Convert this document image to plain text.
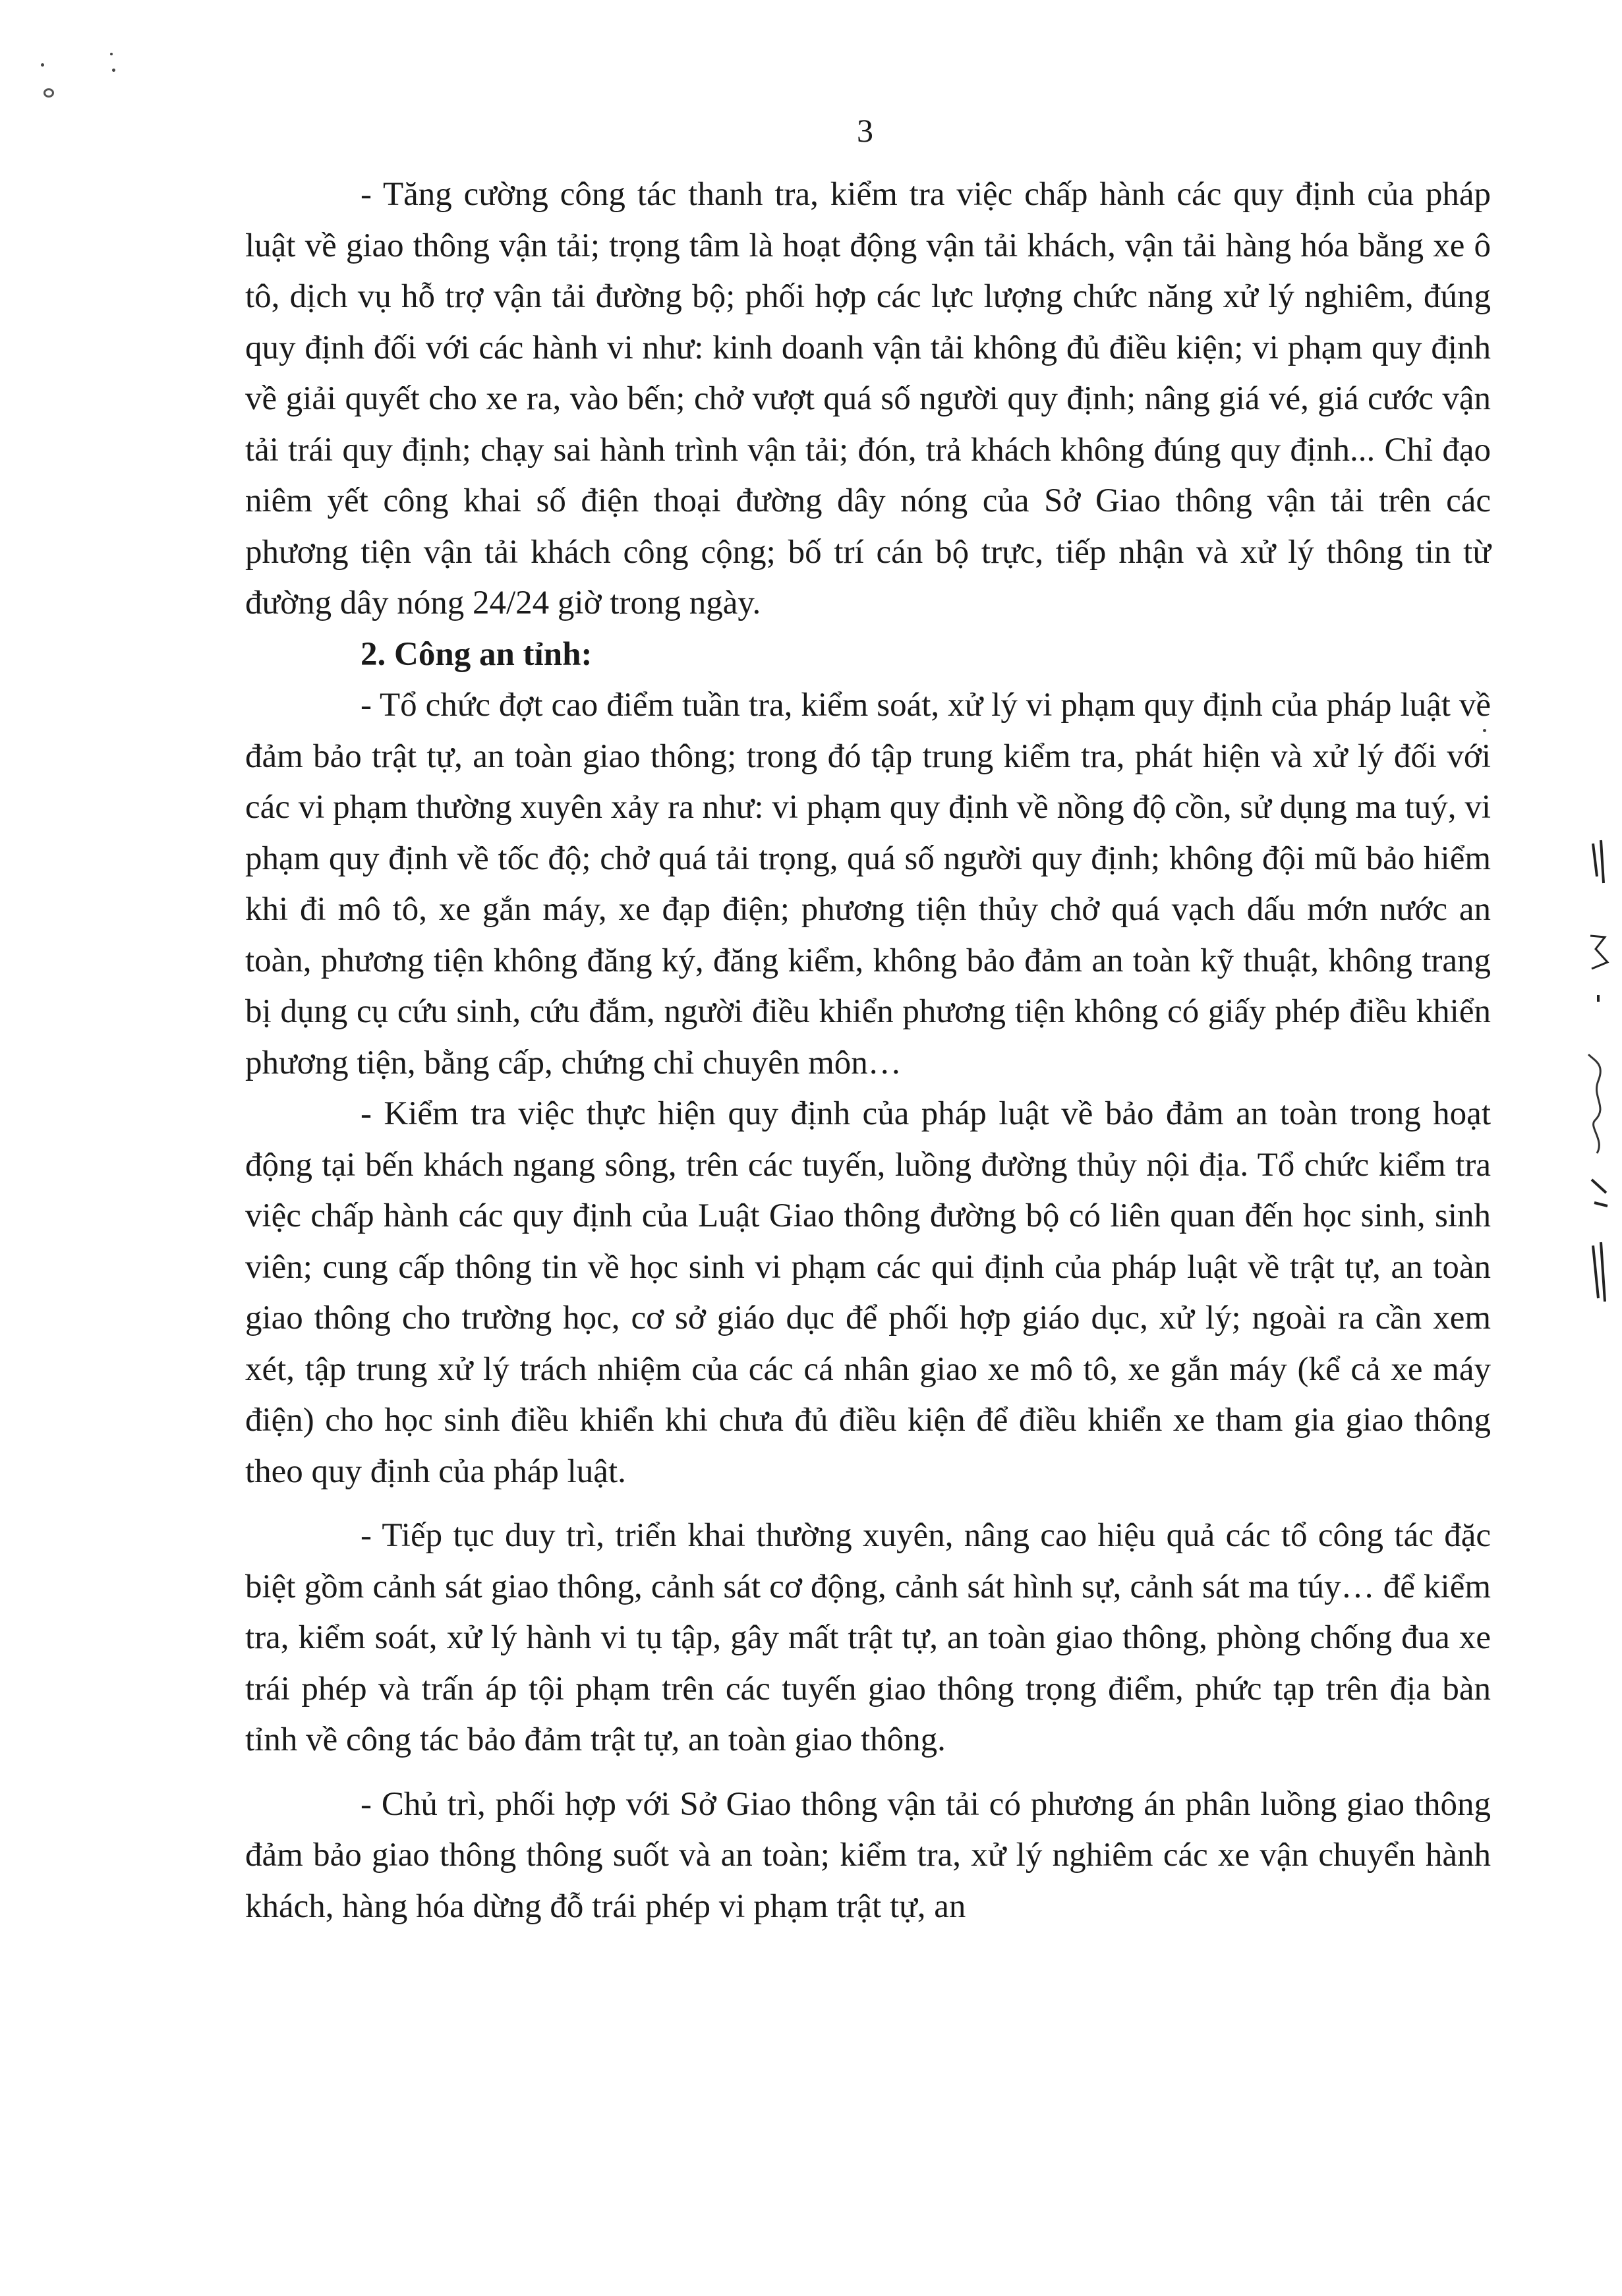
3

- Tăng cường công tác thanh tra, kiểm tra việc chấp hành các quy định của pháp luật về giao thông vận tải; trọng tâm là hoạt động vận tải khách, vận tải hàng hóa bằng xe ô tô, dịch vụ hỗ trợ vận tải đường bộ; phối hợp các lực lượng chức năng xử lý nghiêm, đúng quy định đối với các hành vi như: kinh doanh vận tải không đủ điều kiện; vi phạm quy định về giải quyết cho xe ra, vào bến; chở vượt quá số người quy định; nâng giá vé, giá cước vận tải trái quy định; chạy sai hành trình vận tải; đón, trả khách không đúng quy định... Chỉ đạo niêm yết công khai số điện thoại đường dây nóng của Sở Giao thông vận tải trên các phương tiện vận tải khách công cộng; bố trí cán bộ trực, tiếp nhận và xử lý thông tin từ đường dây nóng 24/24 giờ trong ngày.

2. Công an tỉnh:

- Tổ chức đợt cao điểm tuần tra, kiểm soát, xử lý vi phạm quy định của pháp luật về đảm bảo trật tự, an toàn giao thông; trong đó tập trung kiểm tra, phát hiện và xử lý đối với các vi phạm thường xuyên xảy ra như: vi phạm quy định về nồng độ cồn, sử dụng ma tuý, vi phạm quy định về tốc độ; chở quá tải trọng, quá số người quy định; không đội mũ bảo hiểm khi đi mô tô, xe gắn máy, xe đạp điện; phương tiện thủy chở quá vạch dấu mớn nước an toàn, phương tiện không đăng ký, đăng kiểm, không bảo đảm an toàn kỹ thuật, không trang bị dụng cụ cứu sinh, cứu đắm, người điều khiển phương tiện không có giấy phép điều khiển phương tiện, bằng cấp, chứng chỉ chuyên môn…

- Kiểm tra việc thực hiện quy định của pháp luật về bảo đảm an toàn trong hoạt động tại bến khách ngang sông, trên các tuyến, luồng đường thủy nội địa. Tổ chức kiểm tra việc chấp hành các quy định của Luật Giao thông đường bộ có liên quan đến học sinh, sinh viên; cung cấp thông tin về học sinh vi phạm các qui định của pháp luật về trật tự, an toàn giao thông cho trường học, cơ sở giáo dục để phối hợp giáo dục, xử lý; ngoài ra cần xem xét, tập trung xử lý trách nhiệm của các cá nhân giao xe mô tô, xe gắn máy (kể cả xe máy điện) cho học sinh điều khiển khi chưa đủ điều kiện để điều khiển xe tham gia giao thông theo quy định của pháp luật.

- Tiếp tục duy trì, triển khai thường xuyên, nâng cao hiệu quả các tổ công tác đặc biệt gồm cảnh sát giao thông, cảnh sát cơ động, cảnh sát hình sự, cảnh sát ma túy… để kiểm tra, kiểm soát, xử lý hành vi tụ tập, gây mất trật tự, an toàn giao thông, phòng chống đua xe trái phép và trấn áp tội phạm trên các tuyến giao thông trọng điểm, phức tạp trên địa bàn tỉnh về công tác bảo đảm trật tự, an toàn giao thông.

- Chủ trì, phối hợp với Sở Giao thông vận tải có phương án phân luồng giao thông đảm bảo giao thông thông suốt và an toàn; kiểm tra, xử lý nghiêm các xe vận chuyển hành khách, hàng hóa dừng đỗ trái phép vi phạm trật tự, an
